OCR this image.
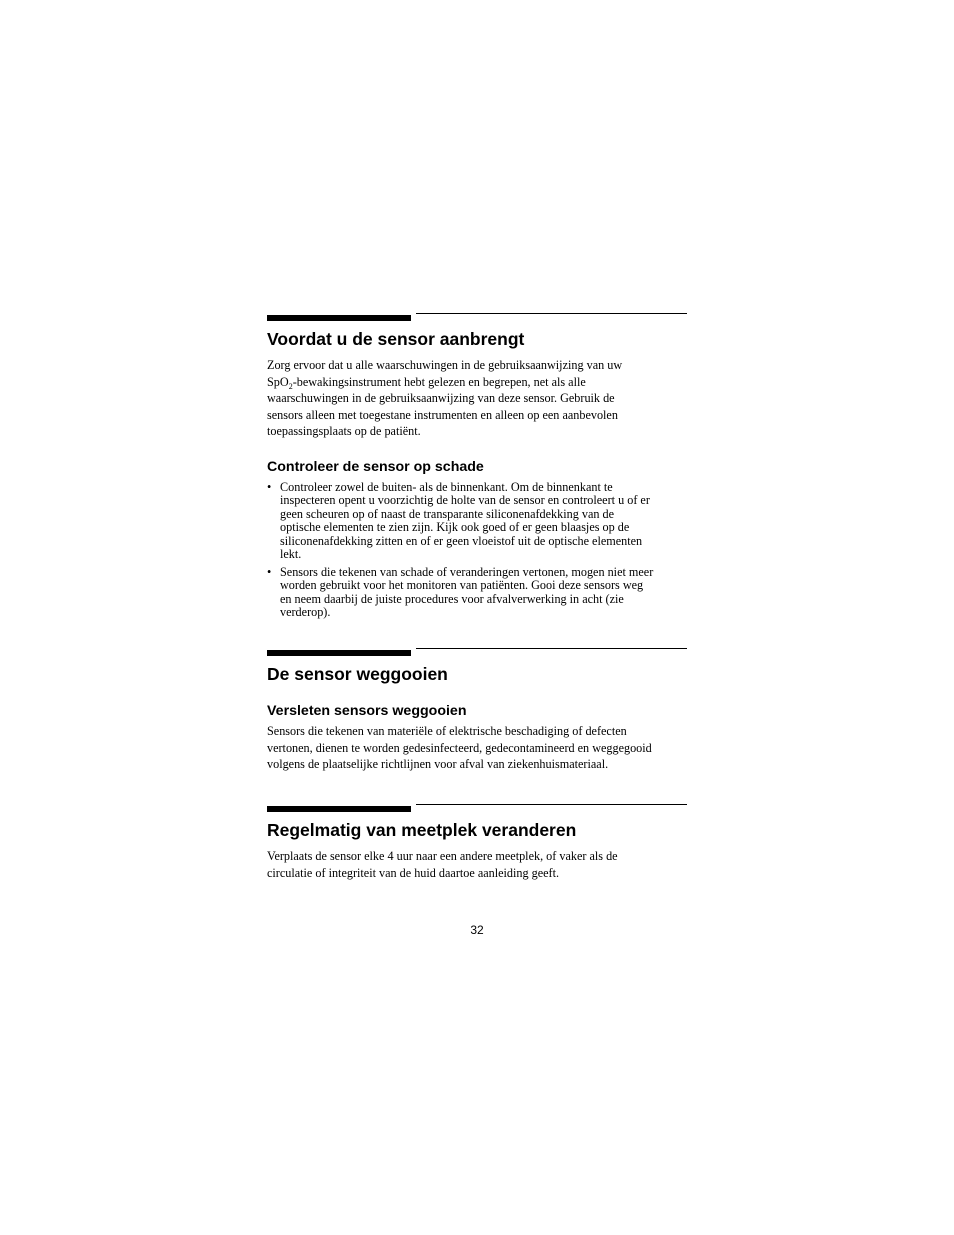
Voordat u de sensor aanbrengt

Zorg ervoor dat u alle waarschuwingen in de gebruiksaanwijzing van uw
SpO$_2$-bewakingsinstrument hebt gelezen en begrepen, net als alle
waarschuwingen in de gebruiksaanwijzing van deze sensor. Gebruik de
sensors alleen met toegestane instrumenten en alleen op een aanbevolen
toepassingsplaats op de patiënt.

Controleer de sensor op schade
• Controleer zowel de buiten- als de binnenkant. Om de binnenkant te
inspecteren opent u voorzichtig de holte van de sensor en controleert u of er
geen scheuren op of naast de transparante siliconenafdekking van de
optische elementen te zien zijn. Kijk ook goed of er geen blaasjes op de
siliconenafdekking zitten en of er geen vloeistof uit de optische elementen
lekt.
• Sensors die tekenen van schade of veranderingen vertonen, mogen niet meer
worden gebruikt voor het monitoren van patiënten. Gooi deze sensors weg
en neem daarbij de juiste procedures voor afvalverwerking in acht (zie
verderop).
De sensor weggooien
Versleten sensors weggooien

Sensors die tekenen van materiële of elektrische beschadiging of defecten
vertonen, dienen te worden gedesinfecteerd, gedecontamineerd en weggegooid
volgens de plaatselijke richtlijnen voor afval van ziekenhuismateriaal.

Regelmatig van meetplek veranderen

Verplaats de sensor elke 4 uur naar een andere meetplek, of vaker als de
circulatie of integriteit van de huid daartoe aanleiding geeft.

32
